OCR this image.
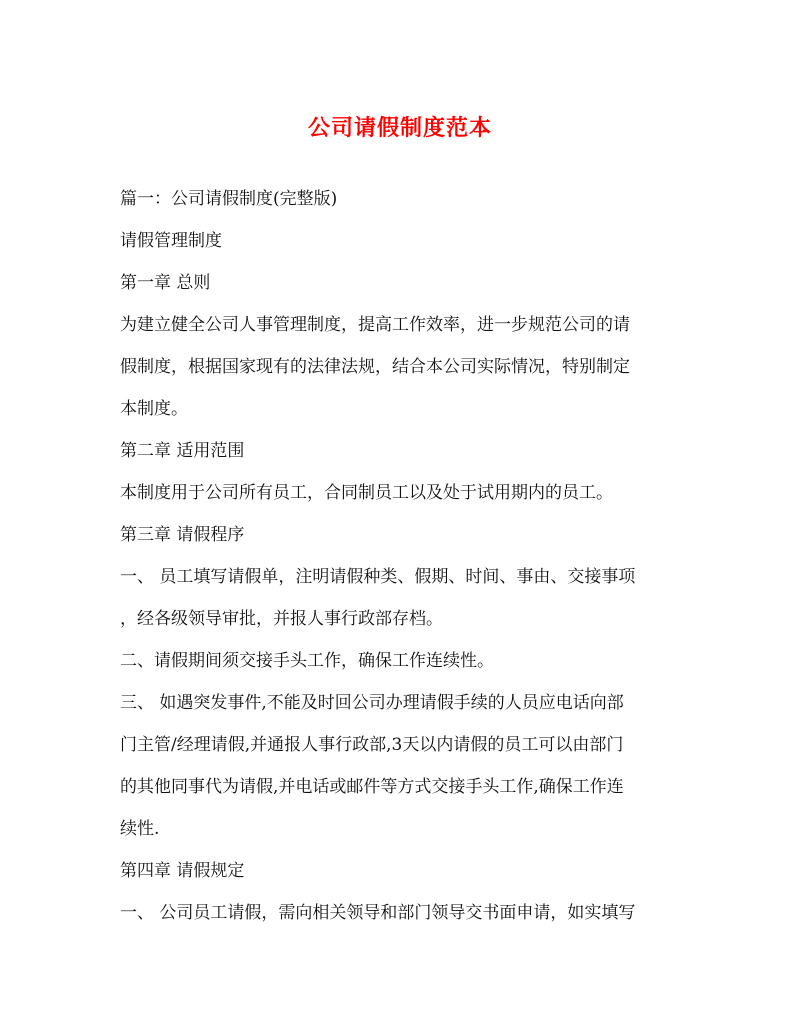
公司请假制度范本
篇一：公司请假制度(完整版)
请假管理制度
第一章 总则
为建立健全公司人事管理制度，提高工作效率，进一步规范公司的请
假制度，根据国家现有的法律法规，结合本公司实际情况，特别制定
本制度。
第二章 适用范围
本制度用于公司所有员工，合同制员工以及处于试用期内的员工。
第三章 请假程序
一、 员工填写请假单，注明请假种类、假期、时间、事由、交接事项
，经各级领导审批，并报人事行政部存档。
二、请假期间须交接手头工作，确保工作连续性。
三、 如遇突发事件,不能及时回公司办理请假手续的人员应电话向部
门主管/经理请假,并通报人事行政部,3天以内请假的员工可以由部门
的其他同事代为请假,并电话或邮件等方式交接手头工作,确保工作连
续性.
第四章 请假规定
一、 公司员工请假，需向相关领导和部门领导交书面申请，如实填写
